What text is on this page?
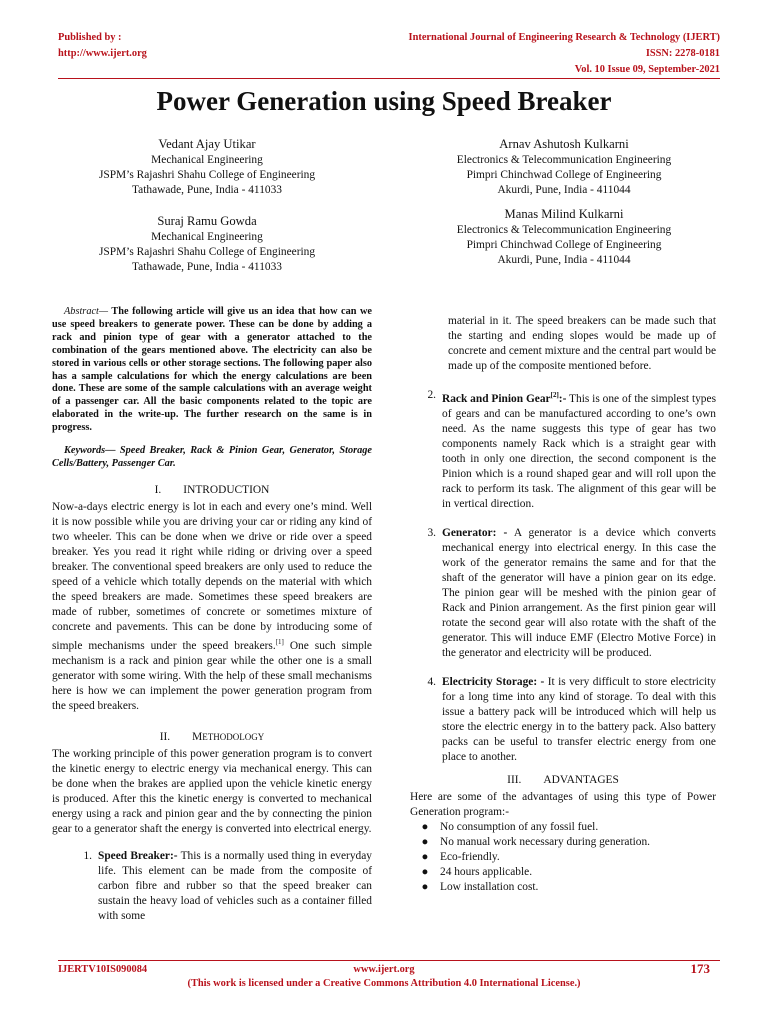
Published by :
http://www.ijert.org
International Journal of Engineering Research & Technology (IJERT)
ISSN: 2278-0181
Vol. 10 Issue 09, September-2021
Power Generation using Speed Breaker
Vedant Ajay Utikar
Mechanical Engineering
JSPM’s Rajashri Shahu College of Engineering
Tathawade, Pune, India - 411033
Suraj Ramu Gowda
Mechanical Engineering
JSPM’s Rajashri Shahu College of Engineering
Tathawade, Pune, India - 411033
Arnav Ashutosh Kulkarni
Electronics & Telecommunication Engineering
Pimpri Chinchwad College of Engineering
Akurdi, Pune, India - 411044
Manas Milind Kulkarni
Electronics & Telecommunication Engineering
Pimpri Chinchwad College of Engineering
Akurdi, Pune, India - 411044

Abstract— The following article will give us an idea that how can we use speed breakers to generate power. These can be done by adding a rack and pinion type of gear with a generator attached to the combination of the gears mentioned above. The electricity can also be stored in various cells or other storage sections. The following paper also has a sample calculations for which the energy calculations are been done. These are some of the sample calculations with an average weight of a passenger car. All the basic components related to the topic are elaborated in the write-up. The further research on the same is in progress.

Keywords— Speed Breaker, Rack & Pinion Gear, Generator, Storage Cells/Battery, Passenger Car.

I. INTRODUCTION

Now-a-days electric energy is lot in each and every one’s mind. Well it is now possible while you are driving your car or riding any kind of two wheeler. This can be done when we drive or ride over a speed breaker. Yes you read it right while riding or driving over a speed breaker. The conventional speed breakers are only used to reduce the speed of a vehicle which totally depends on the material with which the speed breakers are made. Sometimes these speed breakers are made of rubber, sometimes of concrete or sometimes mixture of concrete and pavements. This can be done by introducing some of simple mechanisms under the speed breakers.[1] One such simple mechanism is a rack and pinion gear while the other one is a small generator with some wiring. With the help of these small mechanisms here is how we can implement the power generation program from the speed breakers.

II. METHODOLOGY

The working principle of this power generation program is to convert the kinetic energy to electric energy via mechanical energy. This can be done when the brakes are applied upon the vehicle kinetic energy is produced. After this the kinetic energy is converted to mechanical energy using a rack and pinion gear and the by connecting the pinion gear to a generator shaft the energy is converted into electrical energy.

1. Speed Breaker:- This is a normally used thing in everyday life. This element can be made from the composite of carbon fibre and rubber so that the speed breaker can sustain the heavy load of vehicles such as a container filled with some

material in it. The speed breakers can be made such that the starting and ending slopes would be made up of concrete and cement mixture and the central part would be made up of the composite mentioned before.

2. Rack and Pinion Gear[2]:- This is one of the simplest types of gears and can be manufactured according to one’s own need. As the name suggests this type of gear has two components namely Rack which is a straight gear with tooth in only one direction, the second component is the Pinion which is a round shaped gear and will roll upon the rack to perform its task. The alignment of this gear will be in vertical direction.
3. Generator: - A generator is a device which converts mechanical energy into electrical energy. In this case the work of the generator remains the same and for that the shaft of the generator will have a pinion gear on its edge. The pinion gear will be meshed with the pinion gear of Rack and Pinion arrangement. As the first pinion gear will rotate the second gear will also rotate with the shaft of the generator. This will induce EMF (Electro Motive Force) in the generator and electricity will be produced.
4. Electricity Storage: - It is very difficult to store electricity for a long time into any kind of storage. To deal with this issue a battery pack will be introduced which will help us store the electric energy in to the battery pack. Also battery packs can be useful to transfer electric energy from one place to another.
III. ADVANTAGES

Here are some of the advantages of using this type of Power Generation program:-

●	No consumption of any fossil fuel.
●	No manual work necessary during generation.
●	Eco-friendly.
●	24 hours applicable.
●	Low installation cost.
IJERTV10IS090084	www.ijert.org	173
(This work is licensed under a Creative Commons Attribution 4.0 International License.)
